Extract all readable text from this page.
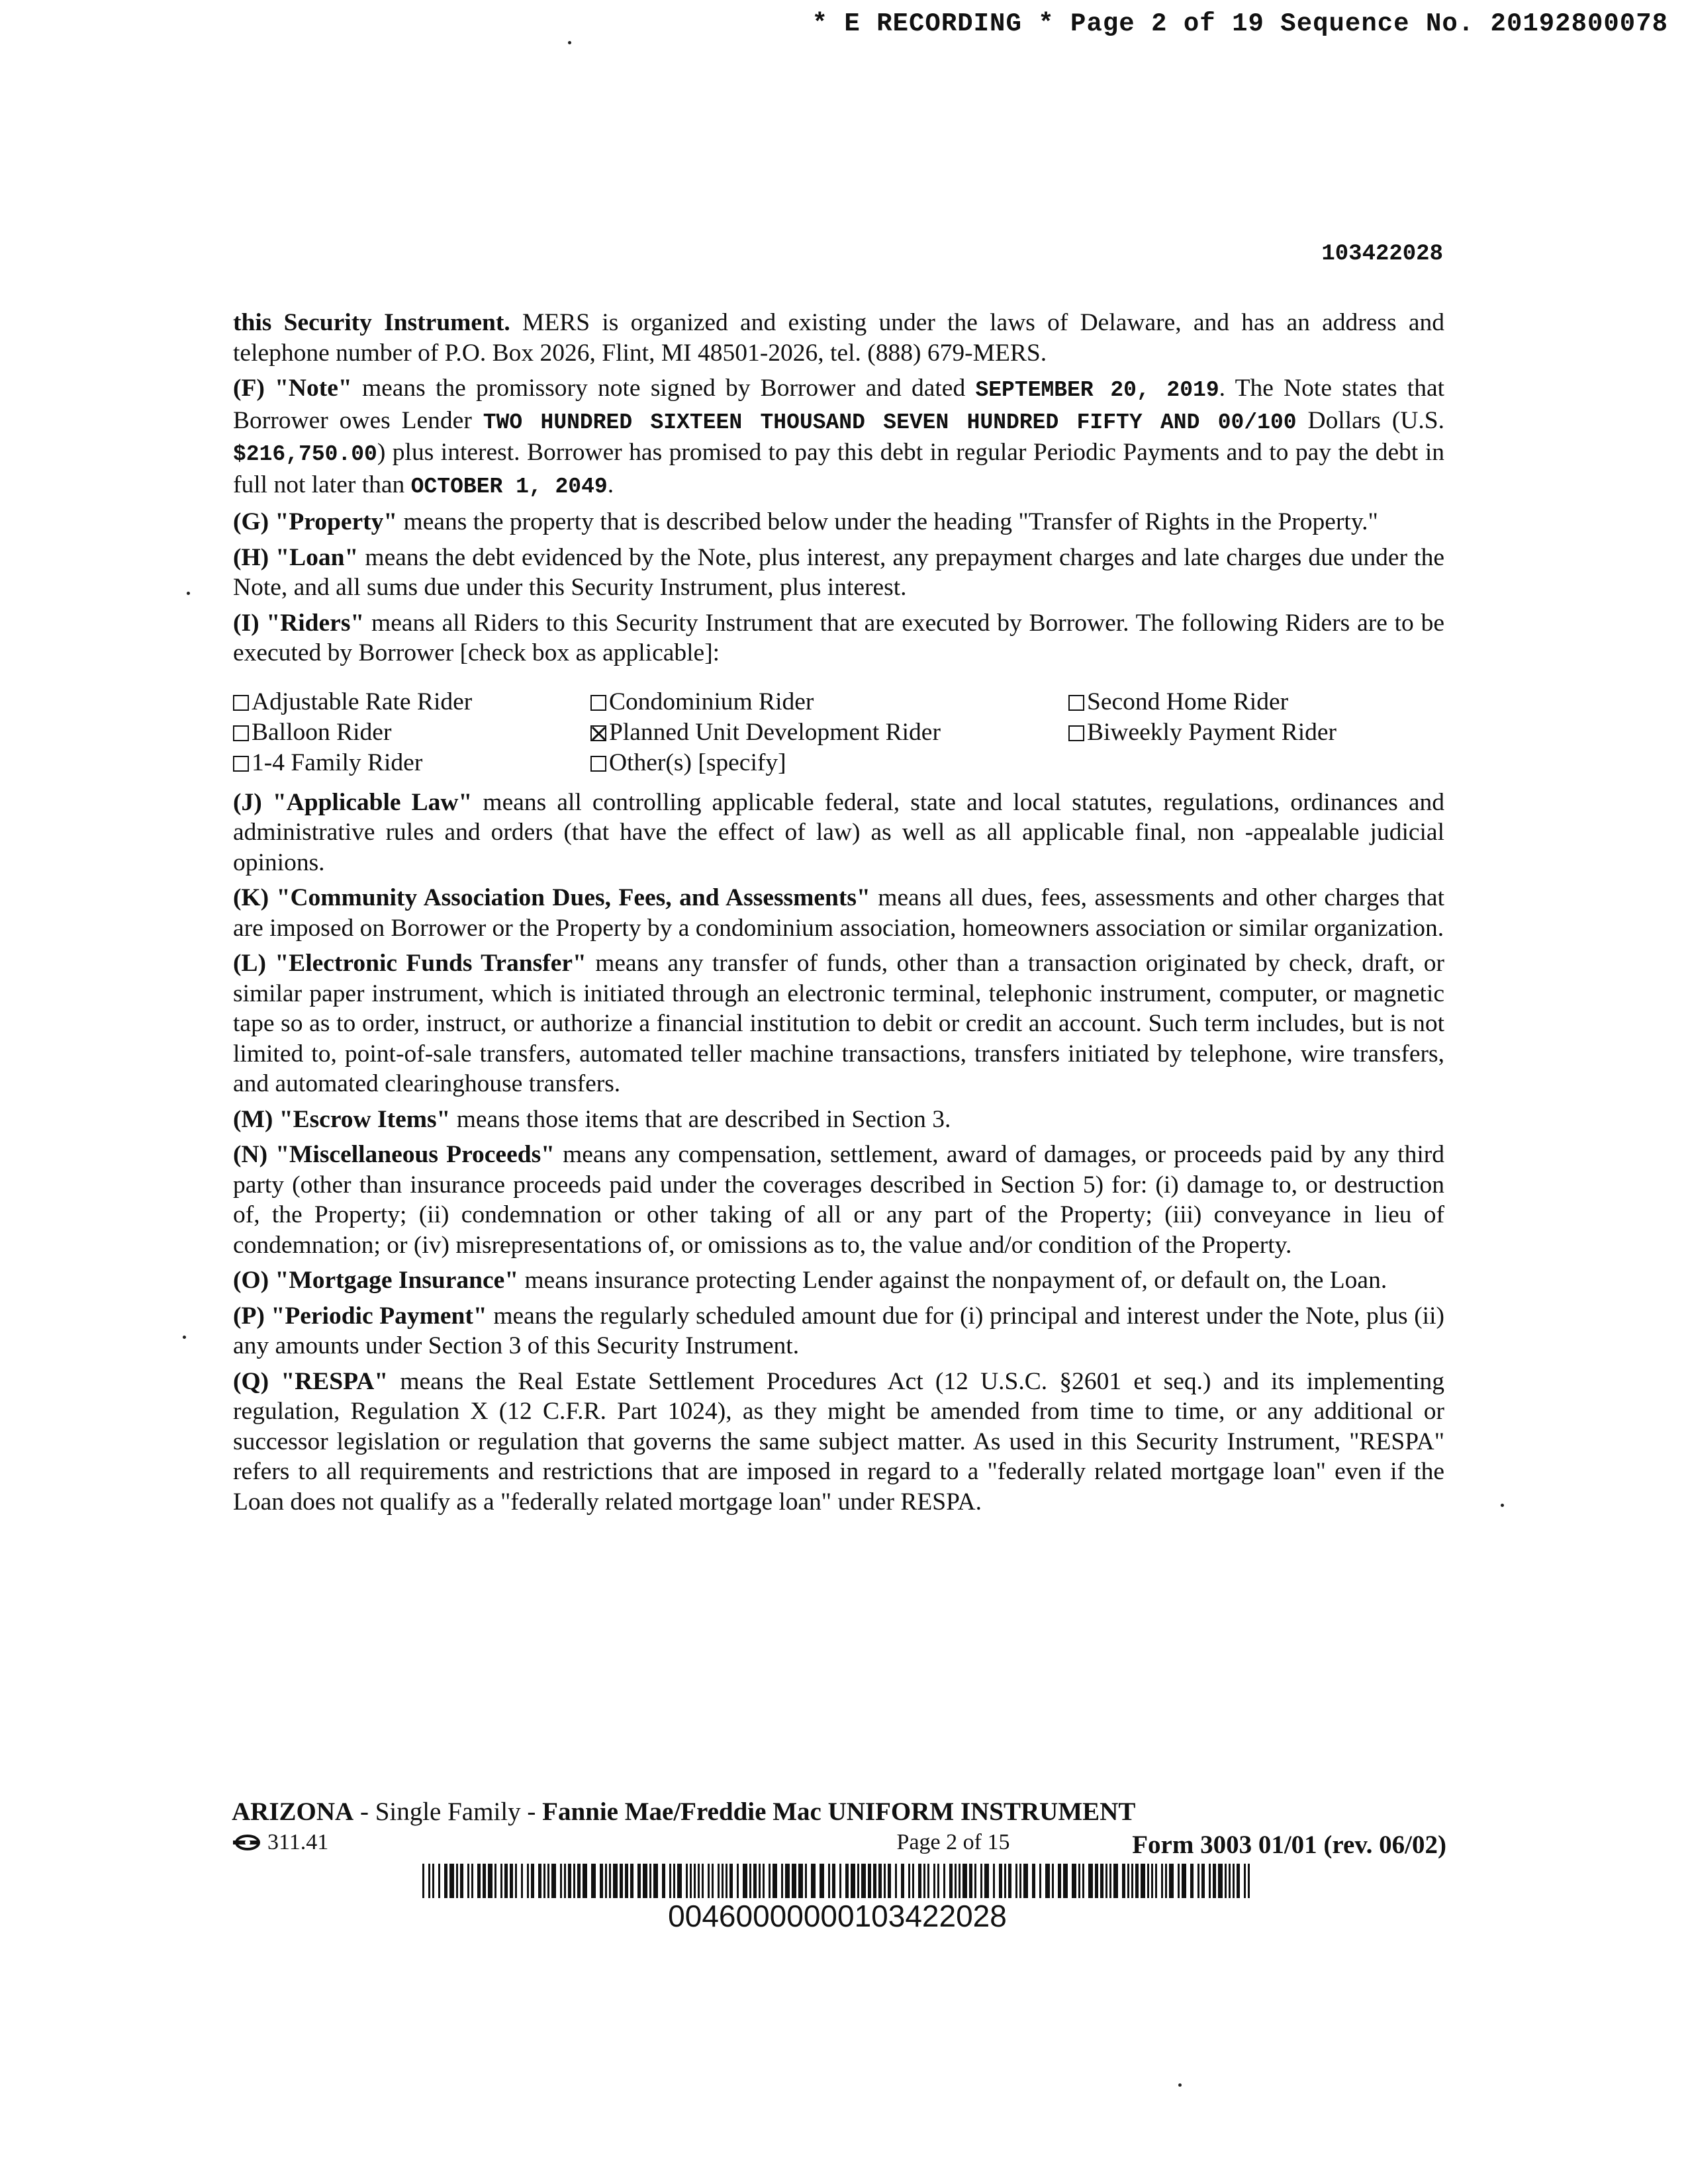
* E RECORDING * Page 2 of 19 Sequence No. 20192800078
103422028

this Security Instrument. MERS is organized and existing under the laws of Delaware, and has an address and telephone number of P.O. Box 2026, Flint, MI 48501-2026, tel. (888) 679-MERS.

(F) "Note" means the promissory note signed by Borrower and dated SEPTEMBER 20, 2019. The Note states that Borrower owes Lender TWO HUNDRED SIXTEEN THOUSAND SEVEN HUNDRED FIFTY AND 00/100 Dollars (U.S. $216,750.00) plus interest. Borrower has promised to pay this debt in regular Periodic Payments and to pay the debt in full not later than OCTOBER 1, 2049.

(G) "Property" means the property that is described below under the heading "Transfer of Rights in the Property."

(H) "Loan" means the debt evidenced by the Note, plus interest, any prepayment charges and late charges due under the Note, and all sums due under this Security Instrument, plus interest.

(I) "Riders" means all Riders to this Security Instrument that are executed by Borrower. The following Riders are to be executed by Borrower [check box as applicable]:

Adjustable Rate Rider	Condominium Rider	Second Home Rider
Balloon Rider	Planned Unit Development Rider	Biweekly Payment Rider
1-4 Family Rider	Other(s) [specify]

(J) "Applicable Law" means all controlling applicable federal, state and local statutes, regulations, ordinances and administrative rules and orders (that have the effect of law) as well as all applicable final, non -appealable judicial opinions.

(K) "Community Association Dues, Fees, and Assessments" means all dues, fees, assessments and other charges that are imposed on Borrower or the Property by a condominium association, homeowners association or similar organization.

(L) "Electronic Funds Transfer" means any transfer of funds, other than a transaction originated by check, draft, or similar paper instrument, which is initiated through an electronic terminal, telephonic instrument, computer, or magnetic tape so as to order, instruct, or authorize a financial institution to debit or credit an account. Such term includes, but is not limited to, point-of-sale transfers, automated teller machine transactions, transfers initiated by telephone, wire transfers, and automated clearinghouse transfers.

(M) "Escrow Items" means those items that are described in Section 3.

(N) "Miscellaneous Proceeds" means any compensation, settlement, award of damages, or proceeds paid by any third party (other than insurance proceeds paid under the coverages described in Section 5) for: (i) damage to, or destruction of, the Property; (ii) condemnation or other taking of all or any part of the Property; (iii) conveyance in lieu of condemnation; or (iv) misrepresentations of, or omissions as to, the value and/or condition of the Property.

(O) "Mortgage Insurance" means insurance protecting Lender against the nonpayment of, or default on, the Loan.

(P) "Periodic Payment" means the regularly scheduled amount due for (i) principal and interest under the Note, plus (ii) any amounts under Section 3 of this Security Instrument.

(Q) "RESPA" means the Real Estate Settlement Procedures Act (12 U.S.C. §2601 et seq.) and its implementing regulation, Regulation X (12 C.F.R. Part 1024), as they might be amended from time to time, or any additional or successor legislation or regulation that governs the same subject matter. As used in this Security Instrument, "RESPA" refers to all requirements and restrictions that are imposed in regard to a "federally related mortgage loan" even if the Loan does not qualify as a "federally related mortgage loan" under RESPA.

ARIZONA - Single Family - Fannie Mae/Freddie Mac UNIFORM INSTRUMENT
311.41	Page 2 of 15	Form 3003 01/01 (rev. 06/02)
00460000000103422028
